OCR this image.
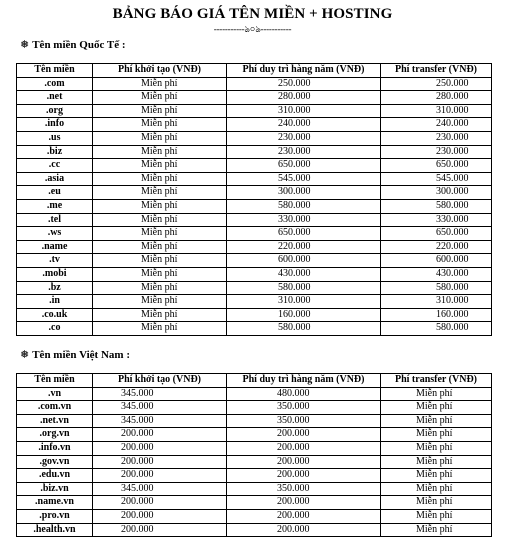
BẢNG BÁO GIÁ TÊN MIỀN + HOSTING
-----------ঌ০ঌ-----------
❅ Tên miền Quốc Tế :
Tên miền	Phí khởi tạo (VNĐ)	Phí duy trì hàng năm (VNĐ)	Phí transfer (VNĐ)
.com	Miễn phí	250.000	250.000
.net	Miễn phí	280.000	280.000
.org	Miễn phí	310.000	310.000
.info	Miễn phí	240.000	240.000
.us	Miễn phí	230.000	230.000
.biz	Miễn phí	230.000	230.000
.cc	Miễn phí	650.000	650.000
.asia	Miễn phí	545.000	545.000
.eu	Miễn phí	300.000	300.000
.me	Miễn phí	580.000	580.000
.tel	Miễn phí	330.000	330.000
.ws	Miễn phí	650.000	650.000
.name	Miễn phí	220.000	220.000
.tv	Miễn phí	600.000	600.000
.mobi	Miễn phí	430.000	430.000
.bz	Miễn phí	580.000	580.000
.in	Miễn phí	310.000	310.000
.co.uk	Miễn phí	160.000	160.000
.co	Miễn phí	580.000	580.000
❅ Tên miền Việt Nam :
Tên miền	Phí khởi tạo (VNĐ)	Phí duy trì hàng năm (VNĐ)	Phí transfer (VNĐ)
.vn	345.000	480.000	Miễn phí
.com.vn	345.000	350.000	Miễn phí
.net.vn	345.000	350.000	Miễn phí
.org.vn	200.000	200.000	Miễn phí
.info.vn	200.000	200.000	Miễn phí
.gov.vn	200.000	200.000	Miễn phí
.edu.vn	200.000	200.000	Miễn phí
.biz.vn	345.000	350.000	Miễn phí
.name.vn	200.000	200.000	Miễn phí
.pro.vn	200.000	200.000	Miễn phí
.health.vn	200.000	200.000	Miễn phí
